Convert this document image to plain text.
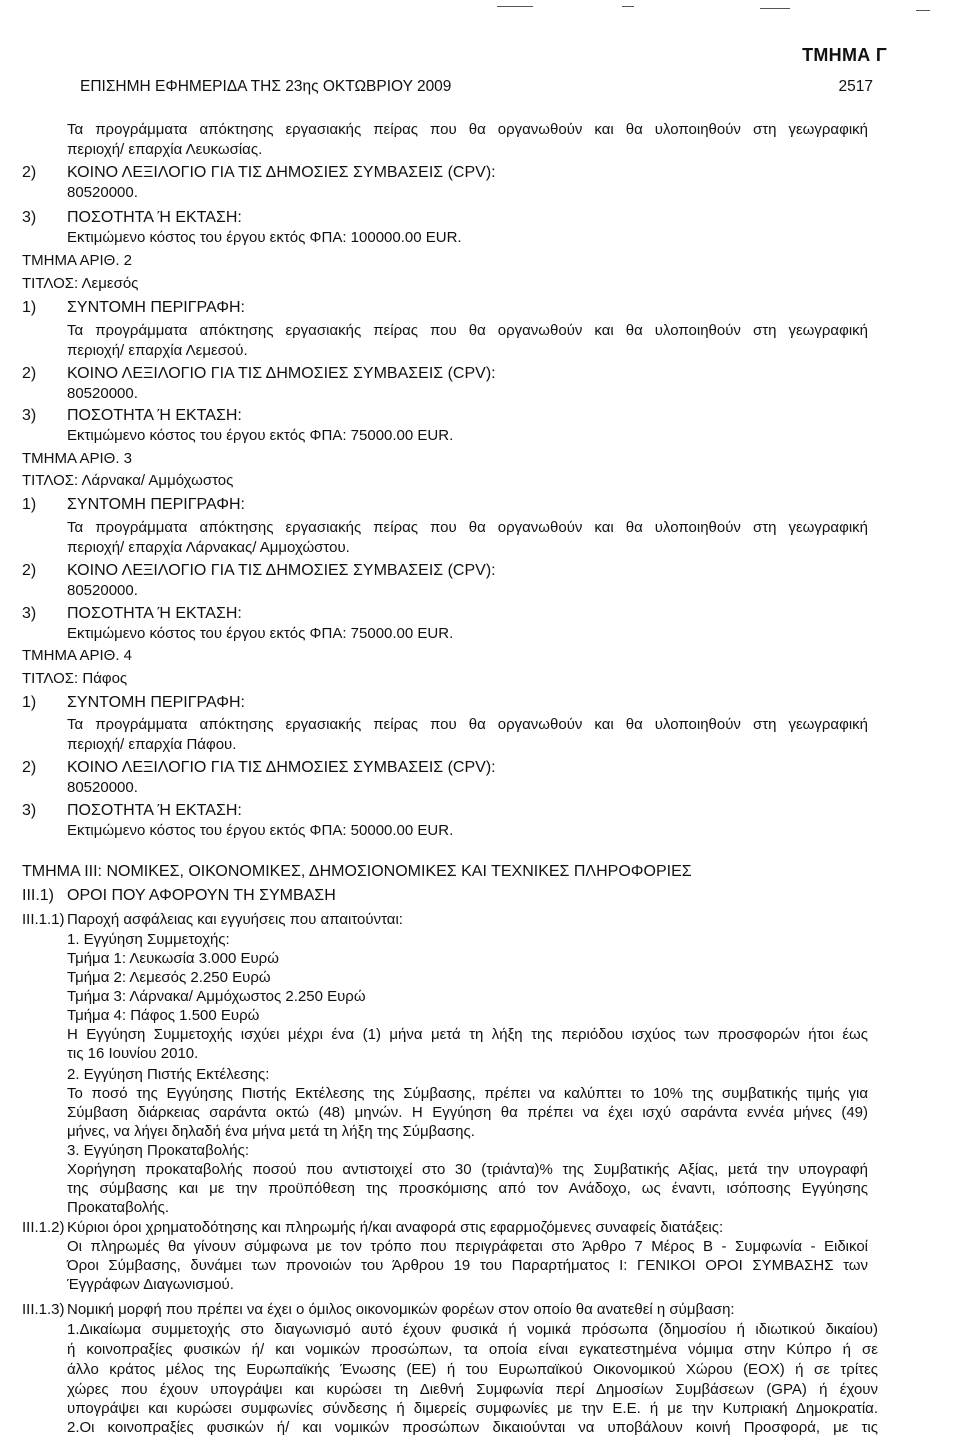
ΤΜΗΜΑ Γ
ΕΠΙΣΗΜΗ ΕΦΗΜΕΡΙΔΑ ΤΗΣ 23ης ΟΚΤΩΒΡΙΟΥ 2009	2517
Τα προγράμματα απόκτησης εργασιακής πείρας που θα οργανωθούν και θα υλοποιηθούν στη γεωγραφική
περιοχή/ επαρχία Λευκωσίας.
2) ΚΟΙΝΟ ΛΕΞΙΛΟΓΙΟ ΓΙΑ ΤΙΣ ΔΗΜΟΣΙΕΣ ΣΥΜΒΑΣΕΙΣ (CPV):
80520000.
3) ΠΟΣΟΤΗΤΑ Ή ΕΚΤΑΣΗ:
Εκτιμώμενο κόστος του έργου εκτός ΦΠΑ: 100000.00 EUR.
ΤΜΗΜΑ ΑΡΙΘ. 2
ΤΙΤΛΟΣ: Λεμεσός
1) ΣΥΝΤΟΜΗ ΠΕΡΙΓΡΑΦΗ:
Τα προγράμματα απόκτησης εργασιακής πείρας που θα οργανωθούν και θα υλοποιηθούν στη γεωγραφική
περιοχή/ επαρχία Λεμεσού.
2) ΚΟΙΝΟ ΛΕΞΙΛΟΓΙΟ ΓΙΑ ΤΙΣ ΔΗΜΟΣΙΕΣ ΣΥΜΒΑΣΕΙΣ (CPV):
80520000.
3) ΠΟΣΟΤΗΤΑ Ή ΕΚΤΑΣΗ:
Εκτιμώμενο κόστος του έργου εκτός ΦΠΑ: 75000.00 EUR.
ΤΜΗΜΑ ΑΡΙΘ. 3
ΤΙΤΛΟΣ: Λάρνακα/ Αμμόχωστος
1) ΣΥΝΤΟΜΗ ΠΕΡΙΓΡΑΦΗ:
Τα προγράμματα απόκτησης εργασιακής πείρας που θα οργανωθούν και θα υλοποιηθούν στη γεωγραφική
περιοχή/ επαρχία Λάρνακας/ Αμμοχώστου.
2) ΚΟΙΝΟ ΛΕΞΙΛΟΓΙΟ ΓΙΑ ΤΙΣ ΔΗΜΟΣΙΕΣ ΣΥΜΒΑΣΕΙΣ (CPV):
80520000.
3) ΠΟΣΟΤΗΤΑ Ή ΕΚΤΑΣΗ:
Εκτιμώμενο κόστος του έργου εκτός ΦΠΑ: 75000.00 EUR.
ΤΜΗΜΑ ΑΡΙΘ. 4
ΤΙΤΛΟΣ: Πάφος
1) ΣΥΝΤΟΜΗ ΠΕΡΙΓΡΑΦΗ:
Τα προγράμματα απόκτησης εργασιακής πείρας που θα οργανωθούν και θα υλοποιηθούν στη γεωγραφική
περιοχή/ επαρχία Πάφου.
2) ΚΟΙΝΟ ΛΕΞΙΛΟΓΙΟ ΓΙΑ ΤΙΣ ΔΗΜΟΣΙΕΣ ΣΥΜΒΑΣΕΙΣ (CPV):
80520000.
3) ΠΟΣΟΤΗΤΑ Ή ΕΚΤΑΣΗ:
Εκτιμώμενο κόστος του έργου εκτός ΦΠΑ: 50000.00 EUR.
ΤΜΗΜΑ III: ΝΟΜΙΚΕΣ, ΟΙΚΟΝΟΜΙΚΕΣ, ΔΗΜΟΣΙΟΝΟΜΙΚΕΣ ΚΑΙ ΤΕΧΝΙΚΕΣ ΠΛΗΡΟΦΟΡΙΕΣ
III.1) ΟΡΟΙ ΠΟΥ ΑΦΟΡΟΥΝ ΤΗ ΣΥΜΒΑΣΗ
III.1.1) Παροχή ασφάλειας και εγγυήσεις που απαιτούνται:
1. Εγγύηση Συμμετοχής:
Τμήμα 1: Λευκωσία 3.000 Ευρώ
Τμήμα 2: Λεμεσός 2.250 Ευρώ
Τμήμα 3: Λάρνακα/ Αμμόχωστος 2.250 Ευρώ
Τμήμα 4: Πάφος 1.500 Ευρώ
Η Εγγύηση Συμμετοχής ισχύει μέχρι ένα (1) μήνα μετά τη λήξη της περιόδου ισχύος των προσφορών ήτοι έως
τις 16 Ιουνίου 2010.
2. Εγγύηση Πιστής Εκτέλεσης:
Το ποσό της Εγγύησης Πιστής Εκτέλεσης της Σύμβασης, πρέπει να καλύπτει το 10% της συμβατικής τιμής για
Σύμβαση διάρκειας σαράντα οκτώ (48) μηνών. Η Εγγύηση θα πρέπει να έχει ισχύ σαράντα εννέα μήνες (49)
μήνες, να λήγει δηλαδή ένα μήνα μετά τη λήξη της Σύμβασης.
3. Εγγύηση Προκαταβολής:
Χορήγηση προκαταβολής ποσού που αντιστοιχεί στο 30 (τριάντα)% της Συμβατικής Αξίας, μετά την υπογραφή
της σύμβασης και με την προϋπόθεση της προσκόμισης από τον Ανάδοχο, ως έναντι, ισόποσης Εγγύησης
Προκαταβολής.
III.1.2) Κύριοι όροι χρηματοδότησης και πληρωμής ή/και αναφορά στις εφαρμοζόμενες συναφείς διατάξεις:
Οι πληρωμές θα γίνουν σύμφωνα με τον τρόπο που περιγράφεται στο Άρθρο 7 Μέρος Β - Συμφωνία - Ειδικοί
Όροι Σύμβασης, δυνάμει των προνοιών του Άρθρου 19 του Παραρτήματος Ι: ΓΕΝΙΚΟΙ ΟΡΟΙ ΣΥΜΒΑΣΗΣ των
Έγγράφων Διαγωνισμού.
III.1.3) Νομική μορφή που πρέπει να έχει ο όμιλος οικονομικών φορέων στον οποίο θα ανατεθεί η σύμβαση:
1.Δικαίωμα συμμετοχής στο διαγωνισμό αυτό έχουν φυσικά ή νομικά πρόσωπα (δημοσίου ή ιδιωτικού δικαίου)
ή κοινοπραξίες φυσικών ή/ και νομικών προσώπων, τα οποία είναι εγκατεστημένα νόμιμα στην Κύπρο ή σε
άλλο κράτος μέλος της Ευρωπαϊκής Ένωσης (ΕΕ) ή του Ευρωπαϊκού Οικονομικού Χώρου (ΕΟΧ) ή σε τρίτες
χώρες που έχουν υπογράψει και κυρώσει τη Διεθνή Συμφωνία περί Δημοσίων Συμβάσεων (GPA) ή έχουν
υπογράψει και κυρώσει συμφωνίες σύνδεσης ή διμερείς συμφωνίες με την Ε.Ε. ή με την Κυπριακή Δημοκρατία.
2.Οι κοινοπραξίες φυσικών ή/ και νομικών προσώπων δικαιούνται να υποβάλουν κοινή Προσφορά, με τις
